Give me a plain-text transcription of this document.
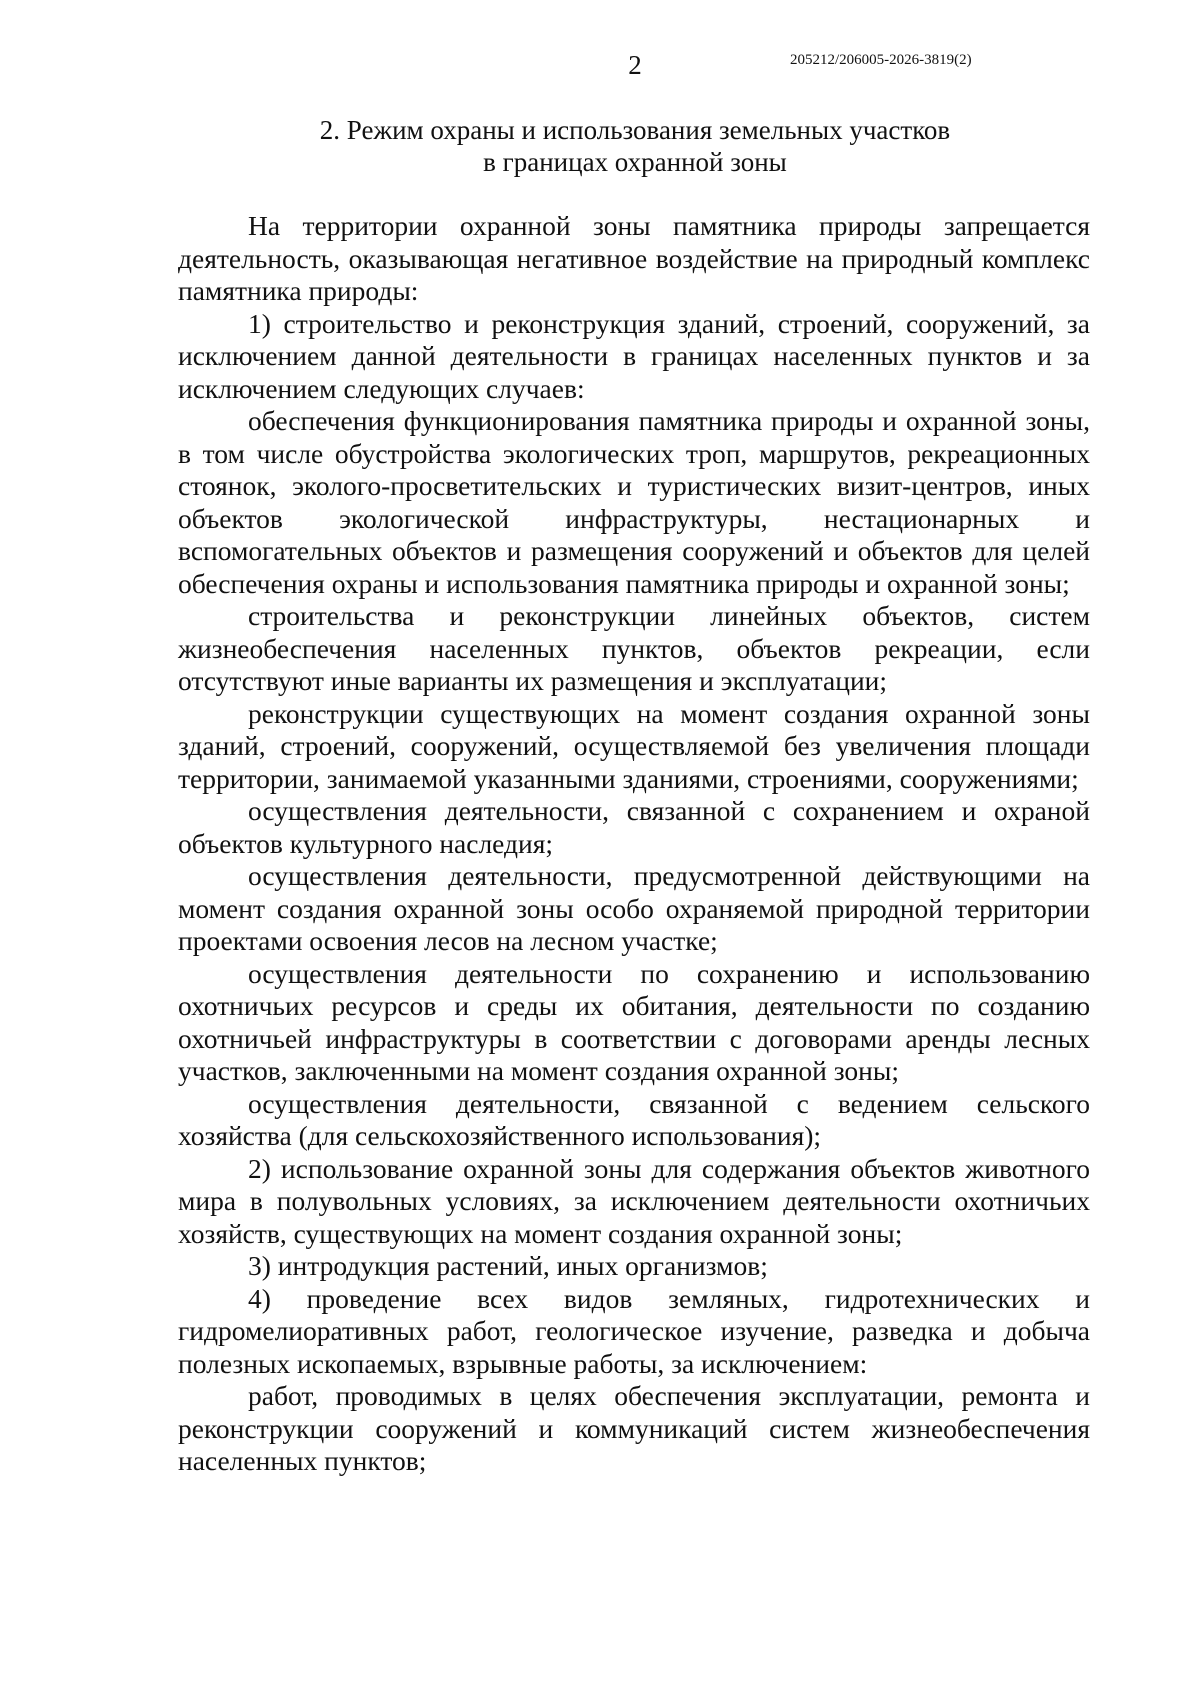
2	205212/206005-2026-3819(2)
2. Режим охраны и использования земельных участков
в границах охранной зоны

На территории охранной зоны памятника природы запрещается деятельность, оказывающая негативное воздействие на природный комплекс памятника природы:

1) строительство и реконструкция зданий, строений, сооружений, за исключением данной деятельности в границах населенных пунктов и за исключением следующих случаев:

обеспечения функционирования памятника природы и охранной зоны, в том числе обустройства экологических троп, маршрутов, рекреационных стоянок, эколого-просветительских и туристических визит-центров, иных объектов экологической инфраструктуры, нестационарных и вспомогательных объектов и размещения сооружений и объектов для целей обеспечения охраны и использования памятника природы и охранной зоны;

строительства и реконструкции линейных объектов, систем жизнеобеспечения населенных пунктов, объектов рекреации, если отсутствуют иные варианты их размещения и эксплуатации;

реконструкции существующих на момент создания охранной зоны зданий, строений, сооружений, осуществляемой без увеличения площади территории, занимаемой указанными зданиями, строениями, сооружениями;

осуществления деятельности, связанной с сохранением и охраной объектов культурного наследия;

осуществления деятельности, предусмотренной действующими на момент создания охранной зоны особо охраняемой природной территории проектами освоения лесов на лесном участке;

осуществления деятельности по сохранению и использованию охотничьих ресурсов и среды их обитания, деятельности по созданию охотничьей инфраструктуры в соответствии с договорами аренды лесных участков, заключенными на момент создания охранной зоны;

осуществления деятельности, связанной с ведением сельского хозяйства (для сельскохозяйственного использования);

2) использование охранной зоны для содержания объектов животного мира в полувольных условиях, за исключением деятельности охотничьих хозяйств, существующих на момент создания охранной зоны;

3) интродукция растений, иных организмов;

4) проведение всех видов земляных, гидротехнических и гидромелиоративных работ, геологическое изучение, разведка и добыча полезных ископаемых, взрывные работы, за исключением:

работ, проводимых в целях обеспечения эксплуатации, ремонта и реконструкции сооружений и коммуникаций систем жизнеобеспечения населенных пунктов;
